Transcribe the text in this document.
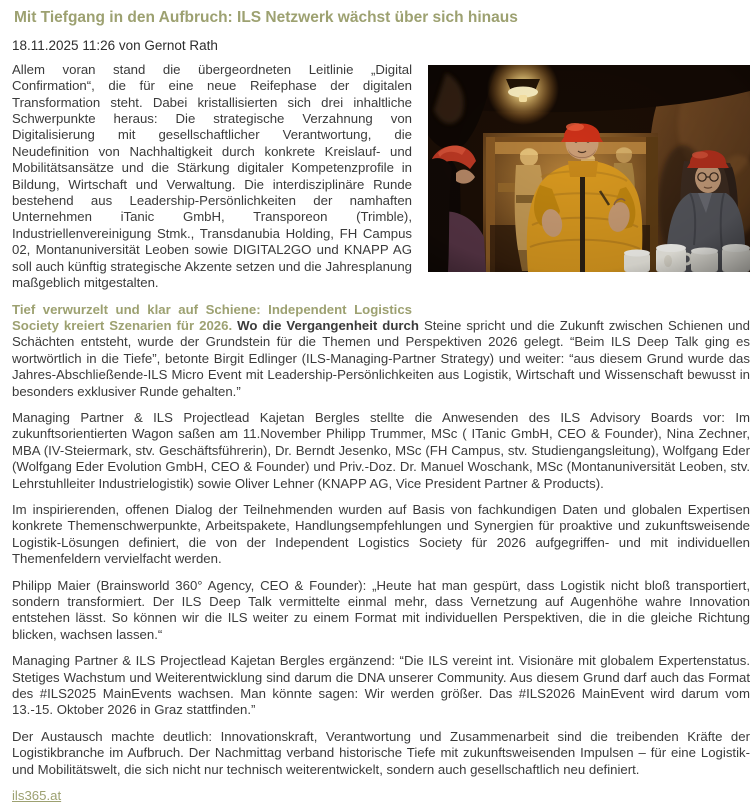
Mit Tiefgang in den Aufbruch: ILS Netzwerk wächst über sich hinaus
18.11.2025 11:26 von Gernot Rath

Allem voran stand die übergeordneten Leitlinie „Digital Confirmation“, die für eine neue Reifephase der digitalen Transformation steht. Dabei kristallisierten sich drei inhaltliche Schwerpunkte heraus: Die strategische Verzahnung von Digitalisierung mit gesellschaftlicher Verantwortung, die Neudefinition von Nachhaltigkeit durch konkrete Kreislauf- und Mobilitätsansätze und die Stärkung digitaler Kompetenzprofile in Bildung, Wirtschaft und Verwaltung. Die interdisziplinäre Runde bestehend aus Leadership-Persönlichkeiten der namhaften Unternehmen iTanic GmbH, Transporeon (Trimble), Industriellenvereinigung Stmk., Transdanubia Holding, FH Campus 02, Montanuniversität Leoben sowie DIGITAL2GO und KNAPP AG soll auch künftig strategische Akzente setzen und die Jahresplanung maßgeblich mitgestalten.

Tief verwurzelt und klar auf Schiene: Independent Logistics Society kreiert Szenarien für 2026. Wo die Vergangenheit durch Steine spricht und die Zukunft zwischen Schienen und Schächten entsteht, wurde der Grundstein für die Themen und Perspektiven 2026 gelegt. “Beim ILS Deep Talk ging es wortwörtlich in die Tiefe”, betonte Birgit Edlinger (ILS-Managing-Partner Strategy) und weiter: “aus diesem Grund wurde das Jahres-Abschließende-ILS Micro Event mit Leadership-Persönlichkeiten aus Logistik, Wirtschaft und Wissenschaft bewusst in besonders exklusiver Runde gehalten.”

Managing Partner & ILS Projectlead Kajetan Bergles stellte die Anwesenden des ILS Advisory Boards vor: Im zukunftsorientierten Wagon saßen am 11.November Philipp Trummer, MSc ( ITanic GmbH, CEO & Founder), Nina Zechner, MBA (IV-Steiermark, stv. Geschäftsführerin), Dr. Berndt Jesenko, MSc (FH Campus, stv. Studiengangsleitung), Wolfgang Eder (Wolfgang Eder Evolution GmbH, CEO & Founder) und Priv.-Doz. Dr. Manuel Woschank, MSc (Montanuniversität Leoben, stv. Lehrstuhlleiter Industrielogistik) sowie Oliver Lehner (KNAPP AG, Vice President Partner & Products).

Im inspirierenden, offenen Dialog der Teilnehmenden wurden auf Basis von fachkundigen Daten und globalen Expertisen konkrete Themenschwerpunkte, Arbeitspakete, Handlungsempfehlungen und Synergien für proaktive und zukunftsweisende Logistik-Lösungen definiert, die von der Independent Logistics Society für 2026 aufgegriffen- und mit individuellen Themenfeldern vervielfacht werden.

Philipp Maier (Brainsworld 360° Agency, CEO & Founder): „Heute hat man gespürt, dass Logistik nicht bloß transportiert, sondern transformiert. Der ILS Deep Talk vermittelte einmal mehr, dass Vernetzung auf Augenhöhe wahre Innovation entstehen lässt. So können wir die ILS weiter zu einem Format mit individuellen Perspektiven, die in die gleiche Richtung blicken, wachsen lassen.“

Managing Partner & ILS Projectlead Kajetan Bergles ergänzend: “Die ILS vereint int. Visionäre mit globalem Expertenstatus. Stetiges Wachstum und Weiterentwicklung sind darum die DNA unserer Community. Aus diesem Grund darf auch das Format des #ILS2025 MainEvents wachsen. Man könnte sagen: Wir werden größer. Das #ILS2026 MainEvent wird darum vom 13.-15. Oktober 2026 in Graz stattfinden.”

Der Austausch machte deutlich: Innovationskraft, Verantwortung und Zusammenarbeit sind die treibenden Kräfte der Logistikbranche im Aufbruch. Der Nachmittag verband historische Tiefe mit zukunftsweisenden Impulsen – für eine Logistik- und Mobilitätswelt, die sich nicht nur technisch weiterentwickelt, sondern auch gesellschaftlich neu definiert.

ils365.at
